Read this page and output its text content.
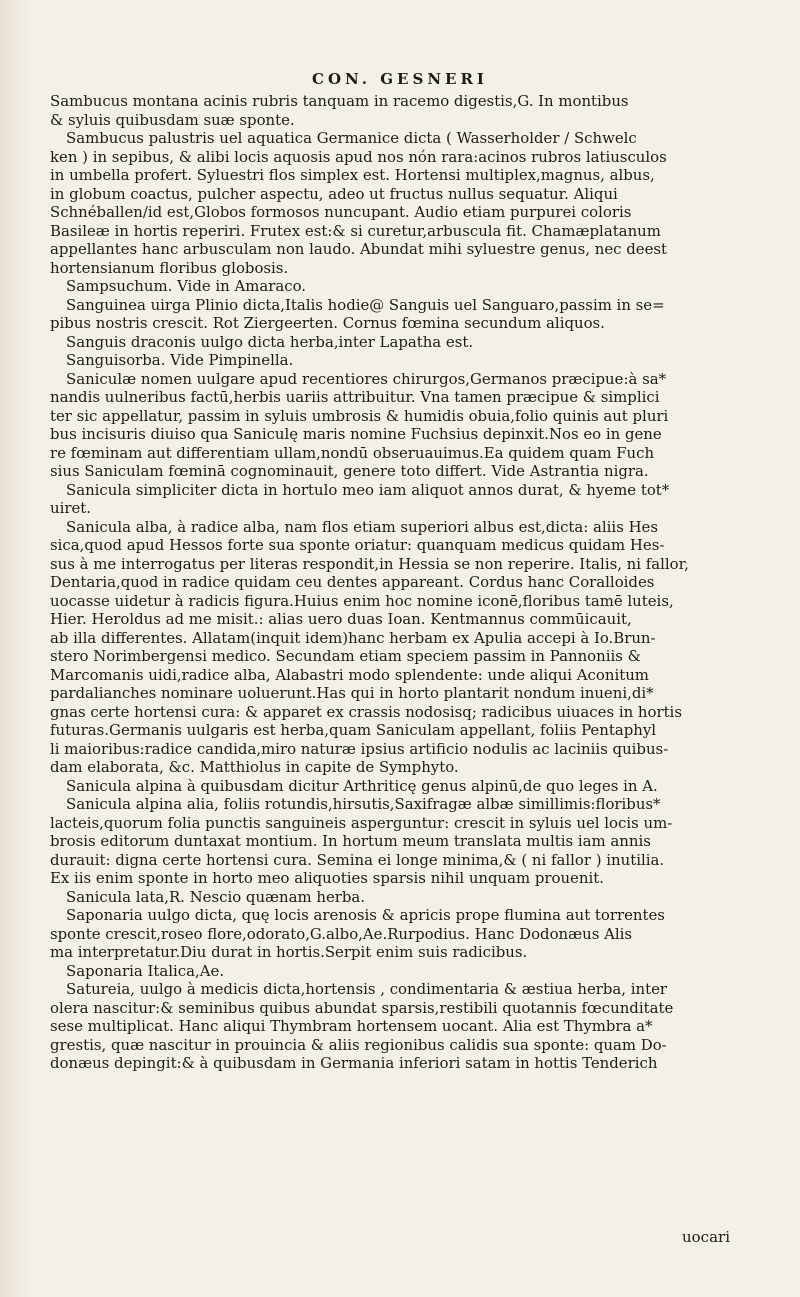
CON. GESNERI
Sambucus montana acinis rubris tanquam in racemo digestis,G. In montibus
& syluis quibusdam suæ sponte.
Sambucus palustris uel aquatica Germanice dicta ( Wasserholder / Schwelc
ken ) in sepibus, & alibi locis aquosis apud nos nón rara:acinos rubros latiusculos
in umbella profert. Syluestri flos simplex est. Hortensi multiplex,magnus, albus,
in globum coactus, pulcher aspectu, adeo ut fructus nullus sequatur. Aliqui
Schnéballen/id est,Globos formosos nuncupant. Audio etiam purpurei coloris
Basileæ in hortis reperiri. Frutex est:& si curetur,arbuscula fit. Chamæplatanum
appellantes hanc arbusculam non laudo. Abundat mihi syluestre genus, nec deest
hortensianum floribus globosis.
Sampsuchum. Vide in Amaraco.
Sanguinea uirga Plinio dicta,Italis hodie@ Sanguis uel Sanguaro,passim in se=
pibus nostris crescit. Rot Ziergeerten. Cornus fœmina secundum aliquos.
Sanguis draconis uulgo dicta herba,inter Lapatha est.
Sanguisorba. Vide Pimpinella.
Saniculæ nomen uulgare apud recentiores chirurgos,Germanos præcipue:à sa*
nandis uulneribus factū,herbis uariis attribuitur. Vna tamen præcipue & simplici
ter sic appellatur, passim in syluis umbrosis & humidis obuia,folio quinis aut pluri
bus incisuris diuiso qua Saniculę maris nomine Fuchsius depinxit.Nos eo in gene
re fœminam aut differentiam ullam,nondū obseruauimus.Ea quidem quam Fuch
sius Saniculam fœminā cognominauit, genere toto differt. Vide Astrantia nigra.
Sanicula simpliciter dicta in hortulo meo iam aliquot annos durat, & hyeme tot*
uiret.
Sanicula alba, à radice alba, nam flos etiam superiori albus est,dicta: aliis Hes
sica,quod apud Hessos forte sua sponte oriatur: quanquam medicus quidam Hes-
sus à me interrogatus per literas respondit,in Hessia se non reperire. Italis, ni fallor,
Dentaria,quod in radice quidam ceu dentes appareant. Cordus hanc Coralloides
uocasse uidetur à radicis figura.Huius enim hoc nomine iconē,floribus tamē luteis,
Hier. Heroldus ad me misit.: alias uero duas Ioan. Kentmannus commūicauit,
ab illa differentes. Allatam(inquit idem)hanc herbam ex Apulia accepi à Io.Brun-
stero Norimbergensi medico. Secundam etiam speciem passim in Pannoniis &
Marcomanis uidi,radice alba, Alabastri modo splendente: unde aliqui Aconitum
pardalianches nominare uoluerunt.Has qui in horto plantarit nondum inueni,di*
gnas certe hortensi cura: & apparet ex crassis nodosisq; radicibus uiuaces in hortis
futuras.Germanis uulgaris est herba,quam Saniculam appellant, foliis Pentaphyl
li maioribus:radice candida,miro naturæ ipsius artificio nodulis ac laciniis quibus-
dam elaborata, &c. Matthiolus in capite de Symphyto.
Sanicula alpina à quibusdam dicitur Arthriticę genus alpinū,de quo leges in A.
Sanicula alpina alia, foliis rotundis,hirsutis,Saxifragæ albæ simillimis:floribus*
lacteis,quorum folia punctis sanguineis asperguntur: crescit in syluis uel locis um-
brosis editorum duntaxat montium. In hortum meum translata multis iam annis
durauit: digna certe hortensi cura. Semina ei longe minima,& ( ni fallor ) inutilia.
Ex iis enim sponte in horto meo aliquoties sparsis nihil unquam prouenit.
Sanicula lata,R. Nescio quænam herba.
Saponaria uulgo dicta, quę locis arenosis & apricis prope flumina aut torrentes
sponte crescit,roseo flore,odorato,G.albo,Ae.Rurpodius. Hanc Dodonæus Alis
ma interpretatur.Diu durat in hortis.Serpit enim suis radicibus.
Saponaria Italica,Ae.
Satureia, uulgo à medicis dicta,hortensis , condimentaria & æstiua herba, inter
olera nascitur:& seminibus quibus abundat sparsis,restibili quotannis fœcunditate
sese multiplicat. Hanc aliqui Thymbram hortensem uocant. Alia est Thymbra a*
grestis, quæ nascitur in prouincia & aliis regionibus calidis sua sponte: quam Do-
donæus depingit:& à quibusdam in Germania inferiori satam in hottis Tenderich
uocari
